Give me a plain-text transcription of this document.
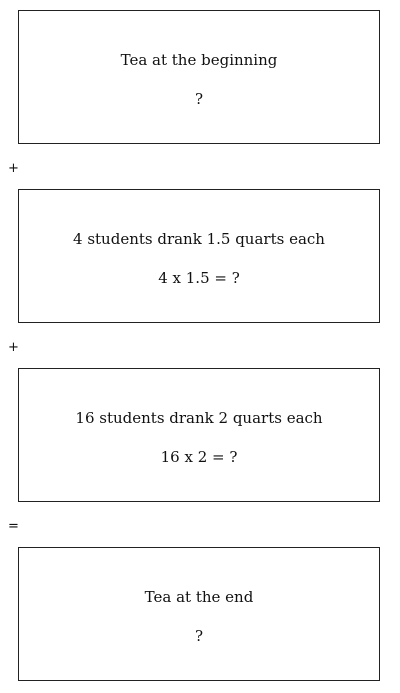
Tea at the beginning
?
+
4 students drank 1.5 quarts each
4 x 1.5 = ?
+
16 students drank 2 quarts each
16 x 2 = ?
=
Tea at the end
?
